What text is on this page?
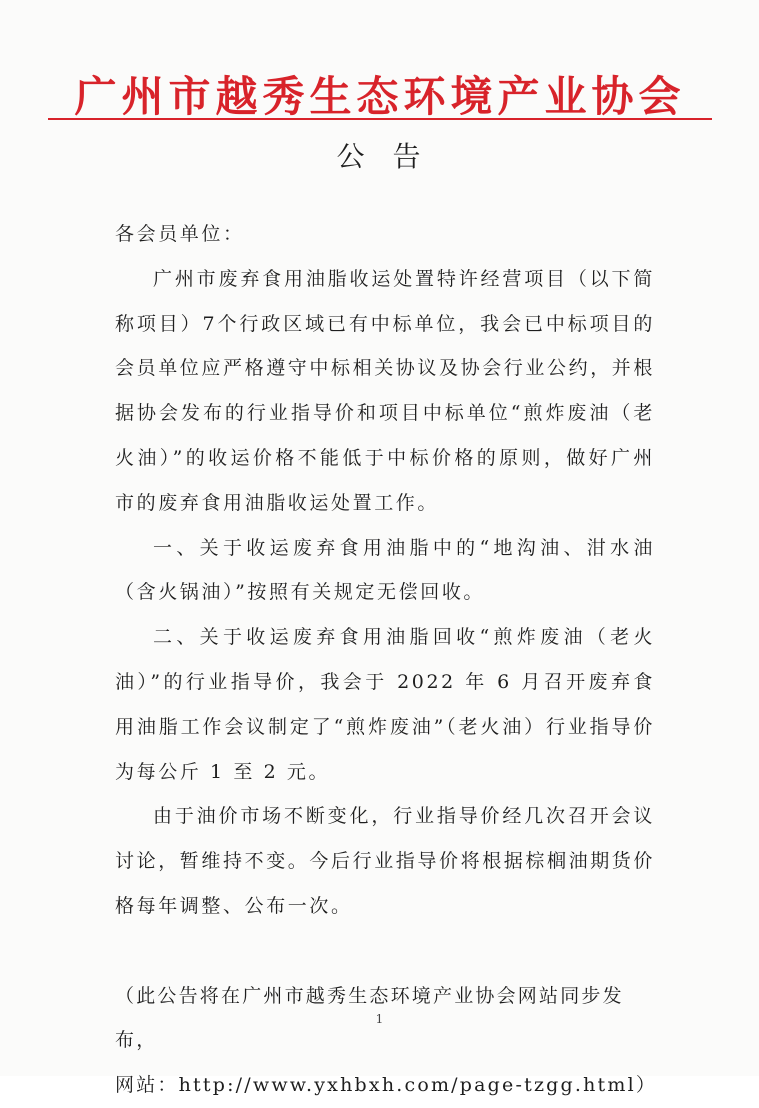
广州市越秀生态环境产业协会
公告
各会员单位：
广州市废弃食用油脂收运处置特许经营项目（以下简称项目）7个行政区域已有中标单位，我会已中标项目的会员单位应严格遵守中标相关协议及协会行业公约，并根据协会发布的行业指导价和项目中标单位“煎炸废油（老火油）”的收运价格不能低于中标价格的原则，做好广州市的废弃食用油脂收运处置工作。
一、关于收运废弃食用油脂中的“地沟油、泔水油（含火锅油）”按照有关规定无偿回收。
二、关于收运废弃食用油脂回收“煎炸废油（老火油）”的行业指导价，我会于 2022 年 6 月召开废弃食用油脂工作会议制定了“煎炸废油”（老火油）行业指导价为每公斤 1 至 2 元。
由于油价市场不断变化，行业指导价经几次召开会议讨论，暂维持不变。今后行业指导价将根据棕榈油期货价格每年调整、公布一次。
（此公告将在广州市越秀生态环境产业协会网站同步发布，
网站：http://www.yxhbxh.com/page-tzgg.html）
1
